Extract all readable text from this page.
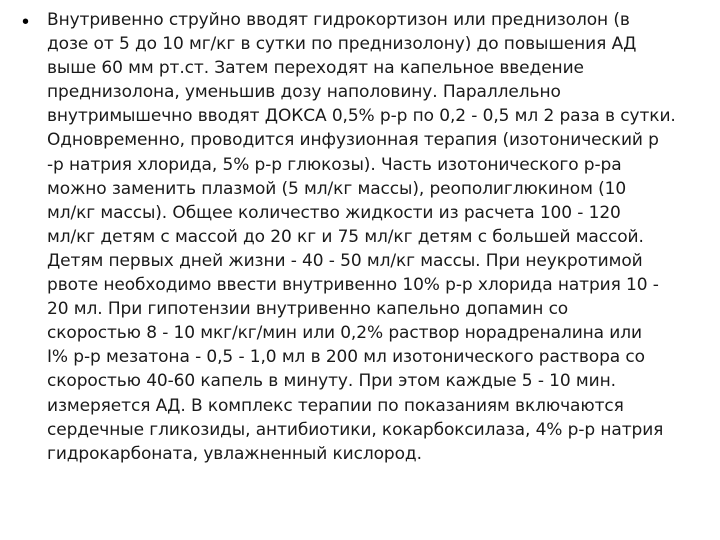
• Внутривенно струйно вводят гидрокортизон или преднизолон (в
дозе от 5 до 10 мг/кг в сутки по преднизолону) до повышения АД
выше 60 мм рт.ст. Затем переходят на капельное введение
преднизолона, уменьшив дозу наполовину. Параллельно
внутримышечно вводят ДОКСА 0,5% р-р по 0,2 - 0,5 мл 2 раза в сутки.
Одновременно, проводится инфузионная терапия (изотонический р
-р натрия хлорида, 5% р-р глюкозы). Часть изотонического р-ра
можно заменить плазмой (5 мл/кг массы), реополиглюкином (10
мл/кг массы). Общее количество жидкости из расчета 100 - 120
мл/кг детям с массой до 20 кг и 75 мл/кг детям с большей массой.
Детям первых дней жизни - 40 - 50 мл/кг массы. При неукротимой
рвоте необходимо ввести внутривенно 10% р-р хлорида натрия 10 -
20 мл. При гипотензии внутривенно капельно допамин со
скоростью 8 - 10 мкг/кг/мин или 0,2% раствор норадреналина или
I% р-р мезатона - 0,5 - 1,0 мл в 200 мл изотонического раствора со
скоростью 40-60 капель в минуту. При этом каждые 5 - 10 мин.
измеряется АД. В комплекс терапии по показаниям включаются
сердечные гликозиды, антибиотики, кокарбоксилаза, 4% р-р натрия
гидрокарбоната, увлажненный кислород.
